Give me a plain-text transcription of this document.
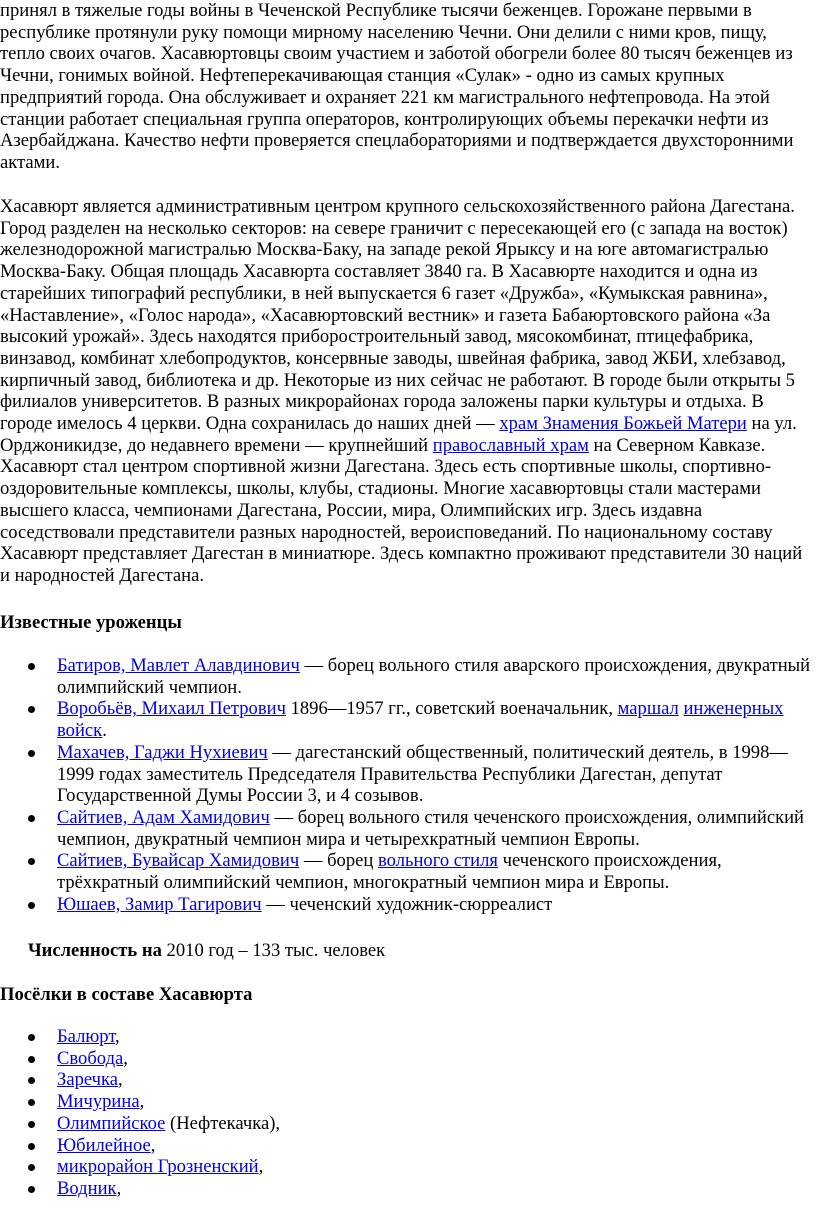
принял в тяжелые годы войны в Чеченской Республике тысячи беженцев. Горожане первыми в республике протянули руку помощи мирному населению Чечни. Они делили с ними кров, пищу, тепло своих очагов. Хасавюртовцы своим участием и заботой обогрели более 80 тысяч беженцев из Чечни, гонимых войной. Нефтеперекачивающая станция «Сулак» - одно из самых крупных предприятий города. Она обслуживает и охраняет 221 км магистрального нефтепровода. На этой станции работает специальная группа операторов, контролирующих объемы перекачки нефти из Азербайджана. Качество нефти проверяется спецлабораториями и подтверждается двухсторонними актами.

Хасавюрт является административным центром крупного сельскохозяйственного района Дагестана. Город разделен на несколько секторов: на севере граничит с пересекающей его (с запада на восток) железнодорожной магистралью Москва-Баку, на западе рекой Ярыксу и на юге автомагистралью Москва-Баку. Общая площадь Хасавюрта составляет 3840 га. В Хасавюрте находится и одна из старейших типографий республики, в ней выпускается 6 газет «Дружба», «Кумыкская равнина», «Наставление», «Голос народа», «Хасавюртовский вестник» и газета Бабаюртовского района «За высокий урожай». Здесь находятся приборостроительный завод, мясокомбинат, птицефабрика, винзавод, комбинат хлебопродуктов, консервные заводы, швейная фабрика, завод ЖБИ, хлебзавод, кирпичный завод, библиотека и др. Некоторые из них сейчас не работают. В городе были открыты 5 филиалов университетов. В разных микрорайонах города заложены парки культуры и отдыха. В городе имелось 4 церкви. Одна сохранилась до наших дней — храм Знамения Божьей Матери на ул. Орджоникидзе, до недавнего времени — крупнейший православный храм на Северном Кавказе. Хасавюрт стал центром спортивной жизни Дагестана. Здесь есть спортивные школы, спортивно- оздоровительные комплексы, школы, клубы, стадионы. Многие хасавюртовцы стали мастерами высшего класса, чемпионами Дагестана, России, мира, Олимпийских игр. Здесь издавна соседствовали представители разных народностей, вероисповеданий. По национальному составу Хасавюрт представляет Дагестан в миниатюре. Здесь компактно проживают представители 30 наций и народностей Дагестана.

Известные уроженцы

Батиров, Мавлет Алавдинович — борец вольного стиля аварского происхождения, двукратный олимпийский чемпион.
Воробьёв, Михаил Петрович 1896—1957 гг., советский военачальник, маршал инженерных войск.
Махачев, Гаджи Нухиевич — дагестанский общественный, политический деятель, в 1998—1999 годах заместитель Председателя Правительства Республики Дагестан, депутат Государственной Думы России 3, и 4 созывов.
Сайтиев, Адам Хамидович — борец вольного стиля чеченского происхождения, олимпийский чемпион, двукратный чемпион мира и четырехкратный чемпион Европы.
Сайтиев, Бувайсар Хамидович — борец вольного стиля чеченского происхождения, трёхкратный олимпийский чемпион, многократный чемпион мира и Европы.
Юшаев, Замир Тагирович — чеченский художник-сюрреалист

Численность на 2010 год – 133 тыс. человек

Посёлки в составе Хасавюрта

Балюрт,
Свобода,
Заречка,
Мичурина,
Олимпийское (Нефтекачка),
Юбилейное,
микрорайон Грозненский,
Водник,
